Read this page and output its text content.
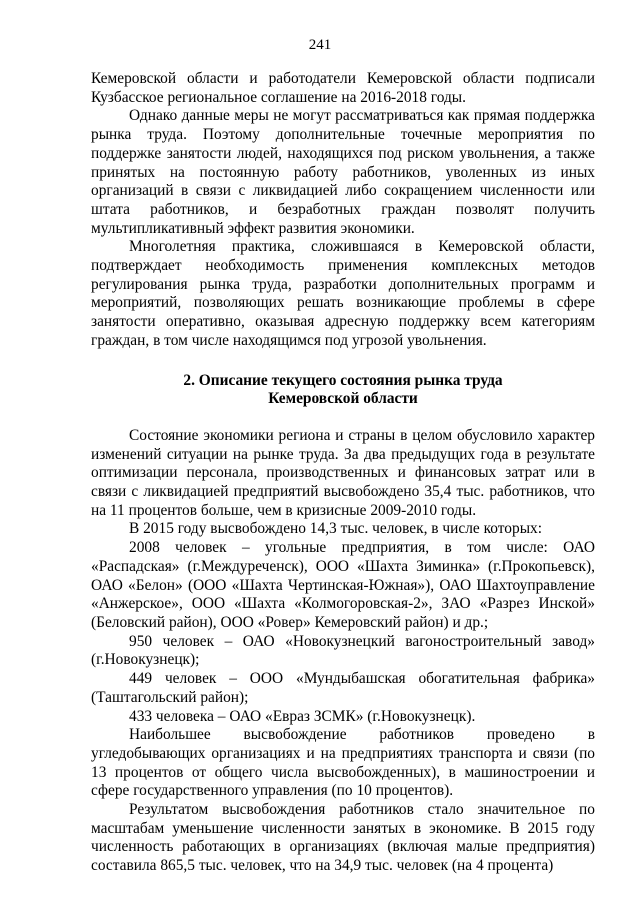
241

Кемеровской области и работодатели Кемеровской области подписали Кузбасское региональное соглашение на 2016-2018 годы.

Однако данные меры не могут рассматриваться как прямая поддержка рынка труда. Поэтому дополнительные точечные мероприятия по поддержке занятости людей, находящихся под риском увольнения, а также принятых на постоянную работу работников, уволенных из иных организаций в связи с ликвидацией либо сокращением численности или штата работников, и безработных граждан позволят получить мультипликативный эффект развития экономики.

Многолетняя практика, сложившаяся в Кемеровской области, подтверждает необходимость применения комплексных методов регулирования рынка труда, разработки дополнительных программ и мероприятий, позволяющих решать возникающие проблемы в сфере занятости оперативно, оказывая адресную поддержку всем категориям граждан, в том числе находящимся под угрозой увольнения.

2. Описание текущего состояния рынка труда
Кемеровской области

Состояние экономики региона и страны в целом обусловило характер изменений ситуации на рынке труда. За два предыдущих года в результате оптимизации персонала, производственных и финансовых затрат или в связи с ликвидацией предприятий высвобождено 35,4 тыс. работников, что на 11 процентов больше, чем в кризисные 2009-2010 годы.

В 2015 году высвобождено 14,3 тыс. человек, в числе которых:

2008 человек – угольные предприятия, в том числе: ОАО «Распадская» (г.Междуреченск), ООО «Шахта Зиминка» (г.Прокопьевск), ОАО «Белон» (ООО «Шахта Чертинская-Южная»), ОАО Шахтоуправление «Анжерское», ООО «Шахта «Колмогоровская-2», ЗАО «Разрез Инской» (Беловский район), ООО «Ровер» Кемеровский район) и др.;

950 человек – ОАО «Новокузнецкий вагоностроительный завод» (г.Новокузнецк);

449 человек – ООО «Мундыбашская обогатительная фабрика» (Таштагольский район);

433 человека – ОАО «Евраз ЗСМК» (г.Новокузнецк).

Наибольшее высвобождение работников проведено в угледобывающих организациях и на предприятиях транспорта и связи (по 13 процентов от общего числа высвобожденных), в машиностроении и сфере государственного управления (по 10 процентов).

Результатом высвобождения работников стало значительное по масштабам уменьшение численности занятых в экономике. В 2015 году численность работающих в организациях (включая малые предприятия) составила 865,5 тыс. человек, что на 34,9 тыс. человек (на 4 процента)
